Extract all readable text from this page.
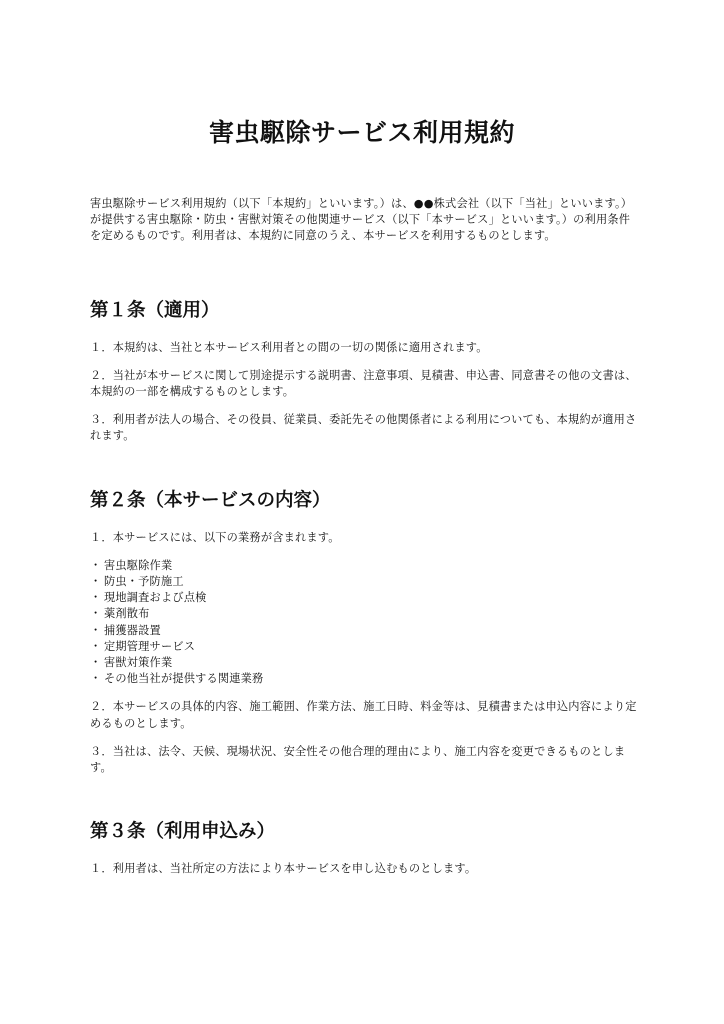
害虫駆除サービス利用規約

害虫駆除サービス利用規約（以下「本規約」といいます。）は、●●株式会社（以下「当社」といいます。）が提供する害虫駆除・防虫・害獣対策その他関連サービス（以下「本サービス」といいます。）の利用条件を定めるものです。利用者は、本規約に同意のうえ、本サービスを利用するものとします。

第１条（適用）

１．本規約は、当社と本サービス利用者との間の一切の関係に適用されます。

２．当社が本サービスに関して別途提示する説明書、注意事項、見積書、申込書、同意書その他の文書は、本規約の一部を構成するものとします。

３．利用者が法人の場合、その役員、従業員、委託先その他関係者による利用についても、本規約が適用されます。

第２条（本サービスの内容）

１．本サービスには、以下の業務が含まれます。

・ 害虫駆除作業
・ 防虫・予防施工
・ 現地調査および点検
・ 薬剤散布
・ 捕獲器設置
・ 定期管理サービス
・ 害獣対策作業
・ その他当社が提供する関連業務

２．本サービスの具体的内容、施工範囲、作業方法、施工日時、料金等は、見積書または申込内容により定めるものとします。

３．当社は、法令、天候、現場状況、安全性その他合理的理由により、施工内容を変更できるものとします。

第３条（利用申込み）

１．利用者は、当社所定の方法により本サービスを申し込むものとします。
